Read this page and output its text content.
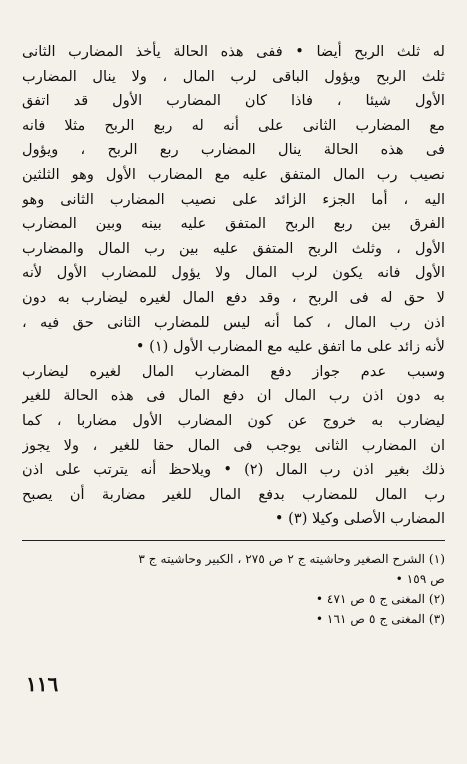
له ثلث الربح أيضا • ففى هذه الحالة يأخذ المضارب الثانى
ثلث الربح ويؤول الباقى لرب المال ، ولا ينال المضارب
الأول شيئا ، فاذا كان المضارب الأول قد اتفق
مع المضارب الثانى على أنه له ربع الربح مثلا فانه
فى هذه الحالة ينال المضارب ربع الربح ، ويؤول
نصيب رب المال المتفق عليه مع المضارب الأول وهو الثلثين
اليه ، أما الجزء الزائد على نصيب المضارب الثانى وهو
الفرق بين ربع الربح المتفق عليه بينه وبين المضارب
الأول ، وثلث الربح المتفق عليه بين رب المال والمضارب
الأول فانه يكون لرب المال ولا يؤول للمضارب الأول لأنه
لا حق له فى الربح ، وقد دفع المال لغيره ليضارب به دون
اذن رب المال ، كما أنه ليس للمضارب الثانى حق فيه ،
لأنه زائد على ما اتفق عليه مع المضارب الأول (١) •
وسبب عدم جواز دفع المضارب المال لغيره ليضارب
به دون اذن رب المال ان دفع المال فى هذه الحالة للغير
ليضارب به خروج عن كون المضارب الأول مضاربا ، كما
ان المضارب الثانى يوجب فى المال حقا للغير ، ولا يجوز
ذلك بغير اذن رب المال (٢) • ويلاحظ أنه يترتب على اذن
رب المال للمضارب بدفع المال للغير مضاربة أن يصبح
المضارب الأصلى وكيلا (٣) •
(١) الشرح الصغير وحاشيته ج ٢ ص ٢٧٥ ، الكبير وحاشيته ج ٣
ص ١٥٩ •
(٢) المغنى ج ٥ ص ٤٧١ •
(٣) المغنى ج ٥ ص ١٦١ •
١١٦
